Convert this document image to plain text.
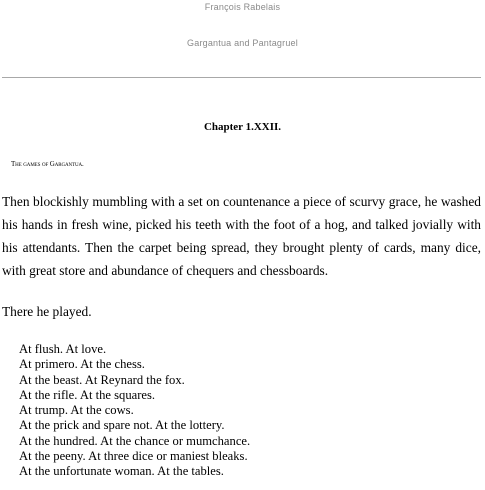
François Rabelais
Gargantua and Pantagruel
Chapter 1.XXII.
The games of Gargantua.

Then blockishly mumbling with a set on countenance a piece of scurvy grace, he washed his hands in fresh wine, picked his teeth with the foot of a hog, and talked jovially with his attendants. Then the carpet being spread, they brought plenty of cards, many dice, with great store and abundance of chequers and chessboards.

There he played.

At flush. At love.
At primero. At the chess.
At the beast. At Reynard the fox.
At the rifle. At the squares.
At trump. At the cows.
At the prick and spare not. At the lottery.
At the hundred. At the chance or mumchance.
At the peeny. At three dice or maniest bleaks.
At the unfortunate woman. At the tables.
